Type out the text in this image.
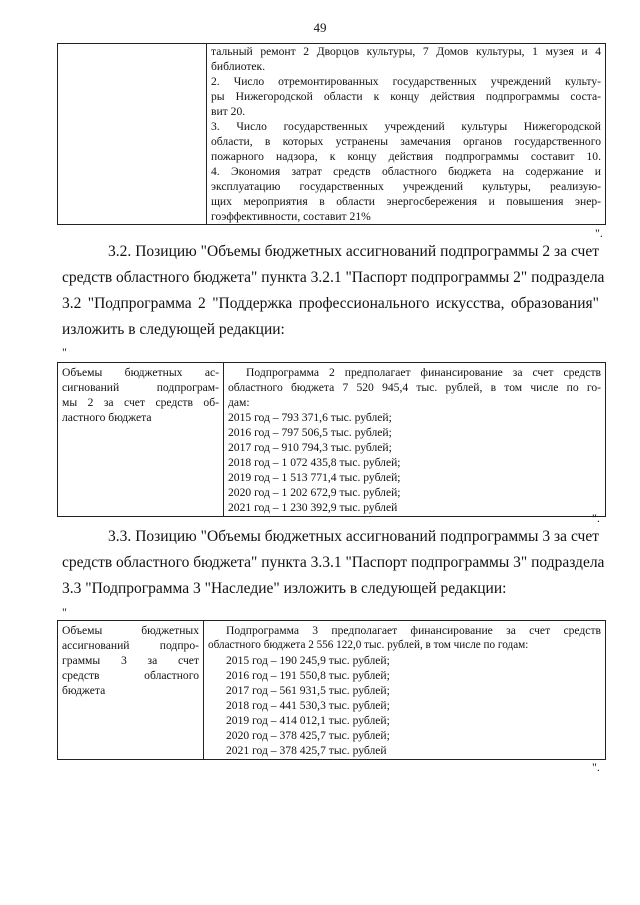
49

тальный ремонт 2 Дворцов культуры, 7 Домов культуры, 1 музея и 4
библиотек.
2. Число отремонтированных государственных учреждений культу-
ры Нижегородской области к концу действия подпрограммы соста-
вит 20.
3. Число государственных учреждений культуры Нижегородской
области, в которых устранены замечания органов государственного
пожарного надзора, к концу действия подпрограммы составит 10.
4. Экономия затрат средств областного бюджета на содержание и
эксплуатацию государственных учреждений культуры, реализую-
щих мероприятия в области энергосбережения и повышения энер-
гоэффективности, составит 21%
".
3.2. Позицию "Объемы бюджетных ассигнований подпрограммы 2 за счет
средств областного бюджета" пункта 3.2.1 "Паспорт подпрограммы 2" подраздела
3.2 "Подпрограмма 2 "Поддержка профессионального искусства, образования"
изложить в следующей редакции:
"
Объемы бюджетных ас-
сигнований подпрограм-
мы 2 за счет средств об-
ластного бюджета

Подпрограмма 2 предполагает финансирование за счет средств
областного бюджета 7 520 945,4 тыс. рублей, в том числе по го-
дам:
2015 год – 793 371,6 тыс. рублей;
2016 год – 797 506,5 тыс. рублей;
2017 год – 910 794,3 тыс. рублей;
2018 год – 1 072 435,8 тыс. рублей;
2019 год – 1 513 771,4 тыс. рублей;
2020 год – 1 202 672,9 тыс. рублей;
2021 год – 1 230 392,9 тыс. рублей
".
3.3. Позицию "Объемы бюджетных ассигнований подпрограммы 3 за счет
средств областного бюджета" пункта 3.3.1 "Паспорт подпрограммы 3" подраздела
3.3 "Подпрограмма 3 "Наследие" изложить в следующей редакции:
"
Объемы бюджетных
ассигнований подпро-
граммы 3 за счет
средств областного
бюджета

Подпрограмма 3 предполагает финансирование за счет средств
областного бюджета 2 556 122,0 тыс. рублей, в том числе по годам:
2015 год – 190 245,9 тыс. рублей;
2016 год – 191 550,8 тыс. рублей;
2017 год – 561 931,5 тыс. рублей;
2018 год – 441 530,3 тыс. рублей;
2019 год – 414 012,1 тыс. рублей;
2020 год – 378 425,7 тыс. рублей;
2021 год – 378 425,7 тыс. рублей
".
